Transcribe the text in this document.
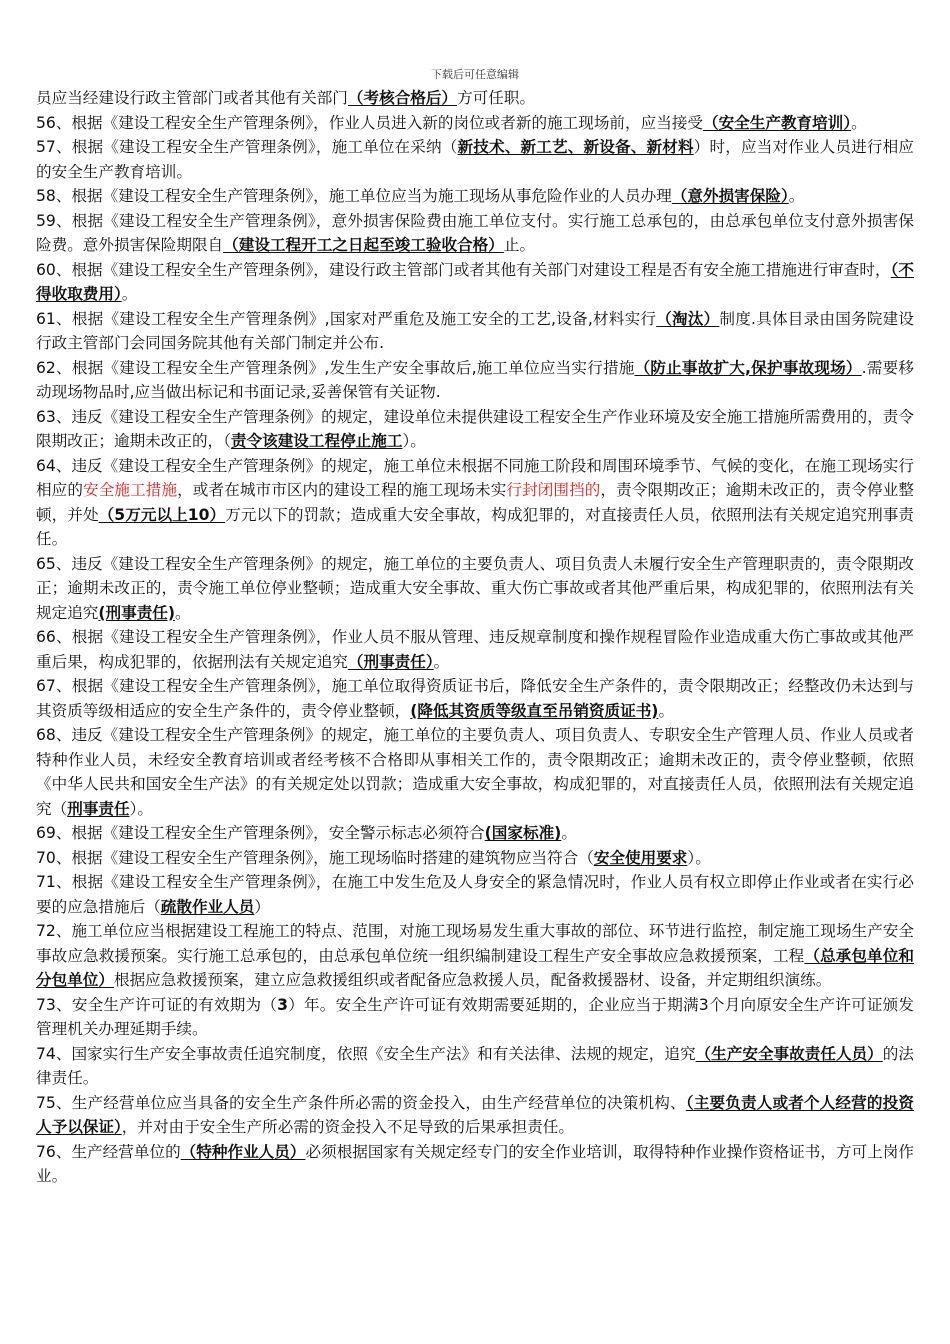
下载后可任意编辑

员应当经建设行政主管部门或者其他有关部门（考核合格后）方可任职。

56、根据《建设工程安全生产管理条例》，作业人员进入新的岗位或者新的施工现场前，应当接受（安全生产教育培训）。

57、根据《建设工程安全生产管理条例》，施工单位在采纳（新技术、新工艺、新设备、新材料）时，应当对作业人员进行相应的安全生产教育培训。

58、根据《建设工程安全生产管理条例》，施工单位应当为施工现场从事危险作业的人员办理（意外损害保险）。

59、根据《建设工程安全生产管理条例》，意外损害保险费由施工单位支付。实行施工总承包的，由总承包单位支付意外损害保险费。意外损害保险期限自（建设工程开工之日起至竣工验收合格）止。

60、根据《建设工程安全生产管理条例》，建设行政主管部门或者其他有关部门对建设工程是否有安全施工措施进行审查时，（不得收取费用）。

61、根据《建设工程安全生产管理条例》,国家对严重危及施工安全的工艺,设备,材料实行（淘汰）制度.具体目录由国务院建设行政主管部门会同国务院其他有关部门制定并公布.

62、根据《建设工程安全生产管理条例》,发生生产安全事故后,施工单位应当实行措施（防止事故扩大,保护事故现场）.需要移动现场物品时,应当做出标记和书面记录,妥善保管有关证物.

63、违反《建设工程安全生产管理条例》的规定，建设单位未提供建设工程安全生产作业环境及安全施工措施所需费用的，责令限期改正；逾期未改正的，（责令该建设工程停止施工）。

64、违反《建设工程安全生产管理条例》的规定，施工单位未根据不同施工阶段和周围环境季节、气候的变化，在施工现场实行相应的安全施工措施，或者在城市市区内的建设工程的施工现场未实行封闭围挡的，责令限期改正；逾期未改正的，责令停业整顿，并处（5万元以上10）万元以下的罚款；造成重大安全事故，构成犯罪的，对直接责任人员，依照刑法有关规定追究刑事责任。

65、违反《建设工程安全生产管理条例》的规定，施工单位的主要负责人、项目负责人未履行安全生产管理职责的，责令限期改正；逾期未改正的，责令施工单位停业整顿；造成重大安全事故、重大伤亡事故或者其他严重后果，构成犯罪的，依照刑法有关规定追究(刑事责任)。

66、根据《建设工程安全生产管理条例》，作业人员不服从管理、违反规章制度和操作规程冒险作业造成重大伤亡事故或其他严重后果，构成犯罪的，依据刑法有关规定追究（刑事责任）。

67、根据《建设工程安全生产管理条例》，施工单位取得资质证书后，降低安全生产条件的，责令限期改正；经整改仍未达到与其资质等级相适应的安全生产条件的，责令停业整顿，(降低其资质等级直至吊销资质证书)。

68、违反《建设工程安全生产管理条例》的规定，施工单位的主要负责人、项目负责人、专职安全生产管理人员、作业人员或者特种作业人员，未经安全教育培训或者经考核不合格即从事相关工作的，责令限期改正；逾期未改正的，责令停业整顿，依照《中华人民共和国安全生产法》的有关规定处以罚款；造成重大安全事故，构成犯罪的，对直接责任人员，依照刑法有关规定追究（刑事责任）。

69、根据《建设工程安全生产管理条例》，安全警示标志必须符合(国家标准)。

70、根据《建设工程安全生产管理条例》，施工现场临时搭建的建筑物应当符合（安全使用要求）。

71、根据《建设工程安全生产管理条例》，在施工中发生危及人身安全的紧急情况时，作业人员有权立即停止作业或者在实行必要的应急措施后（疏散作业人员）

72、施工单位应当根据建设工程施工的特点、范围，对施工现场易发生重大事故的部位、环节进行监控，制定施工现场生产安全事故应急救援预案。实行施工总承包的，由总承包单位统一组织编制建设工程生产安全事故应急救援预案，工程（总承包单位和分包单位）根据应急救援预案，建立应急救援组织或者配备应急救援人员，配备救援器材、设备，并定期组织演练。

73、安全生产许可证的有效期为（3）年。安全生产许可证有效期需要延期的，企业应当于期满3个月向原安全生产许可证颁发管理机关办理延期手续。

74、国家实行生产安全事故责任追究制度，依照《安全生产法》和有关法律、法规的规定，追究（生产安全事故责任人员）的法律责任。

75、生产经营单位应当具备的安全生产条件所必需的资金投入，由生产经营单位的决策机构、（主要负责人或者个人经营的投资人予以保证），并对由于安全生产所必需的资金投入不足导致的后果承担责任。

76、生产经营单位的（特种作业人员）必须根据国家有关规定经专门的安全作业培训，取得特种作业操作资格证书，方可上岗作业。
